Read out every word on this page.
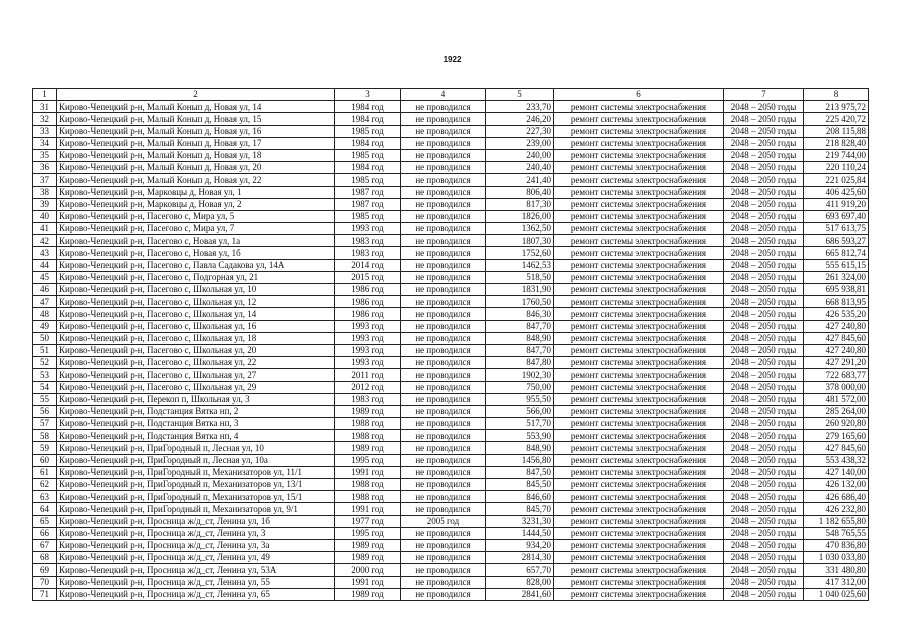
1922
1	2	3	4	5	6	7	8
31	Кирово-Чепецкий р-н, Малый Конып д, Новая ул, 14	1984 год	не проводился	233,70	ремонт системы электроснабжения	2048 – 2050 годы	213 975,72
32	Кирово-Чепецкий р-н, Малый Конып д, Новая ул, 15	1984 год	не проводился	246,20	ремонт системы электроснабжения	2048 – 2050 годы	225 420,72
33	Кирово-Чепецкий р-н, Малый Конып д, Новая ул, 16	1985 год	не проводился	227,30	ремонт системы электроснабжения	2048 – 2050 годы	208 115,88
34	Кирово-Чепецкий р-н, Малый Конып д, Новая ул, 17	1984 год	не проводился	239,00	ремонт системы электроснабжения	2048 – 2050 годы	218 828,40
35	Кирово-Чепецкий р-н, Малый Конып д, Новая ул, 18	1985 год	не проводился	240,00	ремонт системы электроснабжения	2048 – 2050 годы	219 744,00
36	Кирово-Чепецкий р-н, Малый Конып д, Новая ул, 20	1984 год	не проводился	240,40	ремонт системы электроснабжения	2048 – 2050 годы	220 110,24
37	Кирово-Чепецкий р-н, Малый Конып д, Новая ул, 22	1985 год	не проводился	241,40	ремонт системы электроснабжения	2048 – 2050 годы	221 025,84
38	Кирово-Чепецкий р-н, Марковцы д, Новая ул, 1	1987 год	не проводился	806,40	ремонт системы электроснабжения	2048 – 2050 годы	406 425,60
39	Кирово-Чепецкий р-н, Марковцы д, Новая ул, 2	1987 год	не проводился	817,30	ремонт системы электроснабжения	2048 – 2050 годы	411 919,20
40	Кирово-Чепецкий р-н, Пасегово с, Мира ул, 5	1985 год	не проводился	1826,00	ремонт системы электроснабжения	2048 – 2050 годы	693 697,40
41	Кирово-Чепецкий р-н, Пасегово с, Мира ул, 7	1993 год	не проводился	1362,50	ремонт системы электроснабжения	2048 – 2050 годы	517 613,75
42	Кирово-Чепецкий р-н, Пасегово с, Новая ул, 1а	1983 год	не проводился	1807,30	ремонт системы электроснабжения	2048 – 2050 годы	686 593,27
43	Кирово-Чепецкий р-н, Пасегово с, Новая ул, 1б	1983 год	не проводился	1752,60	ремонт системы электроснабжения	2048 – 2050 годы	665 812,74
44	Кирово-Чепецкий р-н, Пасегово с, Павла Садакова ул, 14А	2014 год	не проводился	1462,53	ремонт системы электроснабжения	2048 – 2050 годы	555 615,15
45	Кирово-Чепецкий р-н, Пасегово с, Подгорная ул, 21	2015 год	не проводился	518,50	ремонт системы электроснабжения	2048 – 2050 годы	261 324,00
46	Кирово-Чепецкий р-н, Пасегово с, Школьная ул, 10	1986 год	не проводился	1831,90	ремонт системы электроснабжения	2048 – 2050 годы	695 938,81
47	Кирово-Чепецкий р-н, Пасегово с, Школьная ул, 12	1986 год	не проводился	1760,50	ремонт системы электроснабжения	2048 – 2050 годы	668 813,95
48	Кирово-Чепецкий р-н, Пасегово с, Школьная ул, 14	1986 год	не проводился	846,30	ремонт системы электроснабжения	2048 – 2050 годы	426 535,20
49	Кирово-Чепецкий р-н, Пасегово с, Школьная ул, 16	1993 год	не проводился	847,70	ремонт системы электроснабжения	2048 – 2050 годы	427 240,80
50	Кирово-Чепецкий р-н, Пасегово с, Школьная ул, 18	1993 год	не проводился	848,90	ремонт системы электроснабжения	2048 – 2050 годы	427 845,60
51	Кирово-Чепецкий р-н, Пасегово с, Школьная ул, 20	1993 год	не проводился	847,70	ремонт системы электроснабжения	2048 – 2050 годы	427 240,80
52	Кирово-Чепецкий р-н, Пасегово с, Школьная ул, 22	1993 год	не проводился	847,80	ремонт системы электроснабжения	2048 – 2050 годы	427 291,20
53	Кирово-Чепецкий р-н, Пасегово с, Школьная ул, 27	2011 год	не проводился	1902,30	ремонт системы электроснабжения	2048 – 2050 годы	722 683,77
54	Кирово-Чепецкий р-н, Пасегово с, Школьная ул, 29	2012 год	не проводился	750,00	ремонт системы электроснабжения	2048 – 2050 годы	378 000,00
55	Кирово-Чепецкий р-н, Перекоп п, Школьная ул, 3	1983 год	не проводился	955,50	ремонт системы электроснабжения	2048 – 2050 годы	481 572,00
56	Кирово-Чепецкий р-н, Подстанция Вятка нп, 2	1989 год	не проводился	566,00	ремонт системы электроснабжения	2048 – 2050 годы	285 264,00
57	Кирово-Чепецкий р-н, Подстанция Вятка нп, 3	1988 год	не проводился	517,70	ремонт системы электроснабжения	2048 – 2050 годы	260 920,80
58	Кирово-Чепецкий р-н, Подстанция Вятка нп, 4	1988 год	не проводился	553,90	ремонт системы электроснабжения	2048 – 2050 годы	279 165,60
59	Кирово-Чепецкий р-н, ПриГородный п, Лесная ул, 10	1989 год	не проводился	848,90	ремонт системы электроснабжения	2048 – 2050 годы	427 845,60
60	Кирово-Чепецкий р-н, ПриГородный п, Лесная ул, 10а	1995 год	не проводился	1456,80	ремонт системы электроснабжения	2048 – 2050 годы	553 438,32
61	Кирово-Чепецкий р-н, ПриГородный п, Механизаторов ул, 11/1	1991 год	не проводился	847,50	ремонт системы электроснабжения	2048 – 2050 годы	427 140,00
62	Кирово-Чепецкий р-н, ПриГородный п, Механизаторов ул, 13/1	1988 год	не проводился	845,50	ремонт системы электроснабжения	2048 – 2050 годы	426 132,00
63	Кирово-Чепецкий р-н, ПриГородный п, Механизаторов ул, 15/1	1988 год	не проводился	846,60	ремонт системы электроснабжения	2048 – 2050 годы	426 686,40
64	Кирово-Чепецкий р-н, ПриГородный п, Механизаторов ул, 9/1	1991 год	не проводился	845,70	ремонт системы электроснабжения	2048 – 2050 годы	426 232,80
65	Кирово-Чепецкий р-н, Просница ж/д_ст, Ленина ул, 1б	1977 год	2005 год	3231,30	ремонт системы электроснабжения	2048 – 2050 годы	1 182 655,80
66	Кирово-Чепецкий р-н, Просница ж/д_ст, Ленина ул, 3	1995 год	не проводился	1444,50	ремонт системы электроснабжения	2048 – 2050 годы	548 765,55
67	Кирово-Чепецкий р-н, Просница ж/д_ст, Ленина ул, 3а	1989 год	не проводился	934,20	ремонт системы электроснабжения	2048 – 2050 годы	470 836,80
68	Кирово-Чепецкий р-н, Просница ж/д_ст, Ленина ул, 49	1989 год	не проводился	2814,30	ремонт системы электроснабжения	2048 – 2050 годы	1 030 033,80
69	Кирово-Чепецкий р-н, Просница ж/д_ст, Ленина ул, 53А	2000 год	не проводился	657,70	ремонт системы электроснабжения	2048 – 2050 годы	331 480,80
70	Кирово-Чепецкий р-н, Просница ж/д_ст, Ленина ул, 55	1991 год	не проводился	828,00	ремонт системы электроснабжения	2048 – 2050 годы	417 312,00
71	Кирово-Чепецкий р-н, Просница ж/д_ст, Ленина ул, 65	1989 год	не проводился	2841,60	ремонт системы электроснабжения	2048 – 2050 годы	1 040 025,60
